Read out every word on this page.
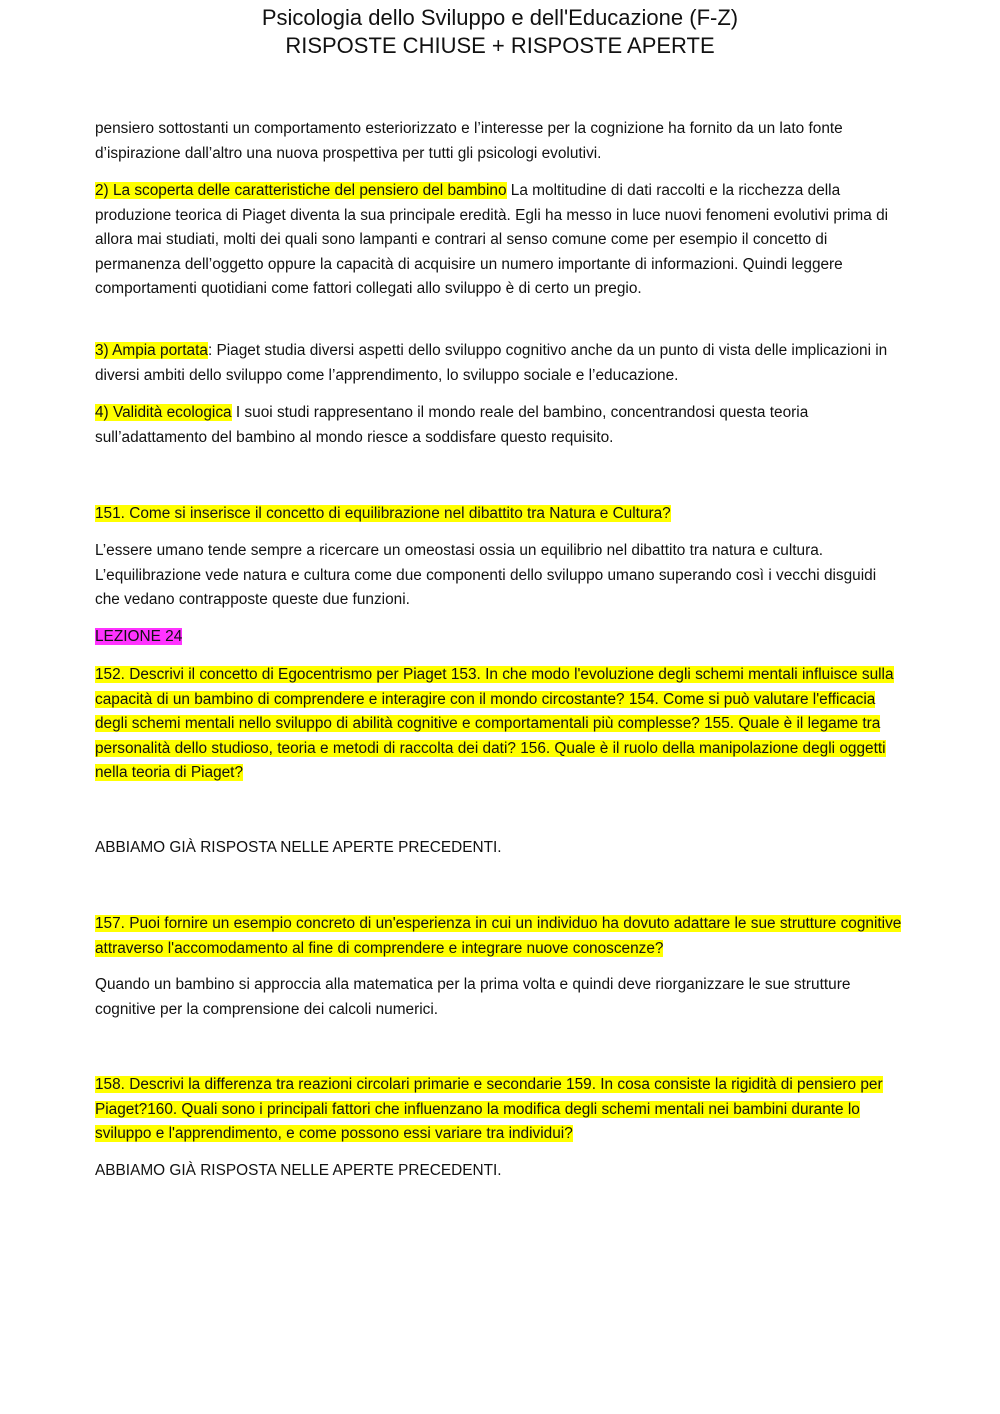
Psicologia dello Sviluppo e dell'Educazione (F-Z)
RISPOSTE CHIUSE + RISPOSTE APERTE

pensiero sottostanti un comportamento esteriorizzato e l’interesse per la cognizione ha fornito da un lato fonte d’ispirazione dall’altro una nuova prospettiva per tutti gli psicologi evolutivi.

2) La scoperta delle caratteristiche del pensiero del bambino La moltitudine di dati raccolti e la ricchezza della produzione teorica di Piaget diventa la sua principale eredità. Egli ha messo in luce nuovi fenomeni evolutivi prima di allora mai studiati, molti dei quali sono lampanti e contrari al senso comune come per esempio il concetto di permanenza dell’oggetto oppure la capacità di acquisire un numero importante di informazioni. Quindi leggere comportamenti quotidiani come fattori collegati allo sviluppo è di certo un pregio.

3) Ampia portata: Piaget studia diversi aspetti dello sviluppo cognitivo anche da un punto di vista delle implicazioni in diversi ambiti dello sviluppo come l’apprendimento, lo sviluppo sociale e l’educazione.

4) Validità ecologica I suoi studi rappresentano il mondo reale del bambino, concentrandosi questa teoria sull’adattamento del bambino al mondo riesce a soddisfare questo requisito.

151. Come si inserisce il concetto di equilibrazione nel dibattito tra Natura e Cultura?

L’essere umano tende sempre a ricercare un omeostasi ossia un equilibrio nel dibattito tra natura e cultura. L’equilibrazione vede natura e cultura come due componenti dello sviluppo umano superando così i vecchi disguidi che vedano contrapposte queste due funzioni.

LEZIONE 24

152. Descrivi il concetto di Egocentrismo per Piaget 153. In che modo l'evoluzione degli schemi mentali influisce sulla capacità di un bambino di comprendere e interagire con il mondo circostante? 154. Come si può valutare l'efficacia degli schemi mentali nello sviluppo di abilità cognitive e comportamentali più complesse? 155. Quale è il legame tra personalità dello studioso, teoria e metodi di raccolta dei dati? 156. Quale è il ruolo della manipolazione degli oggetti nella teoria di Piaget?

ABBIAMO GIÀ RISPOSTA NELLE APERTE PRECEDENTI.

157. Puoi fornire un esempio concreto di un'esperienza in cui un individuo ha dovuto adattare le sue strutture cognitive attraverso l'accomodamento al fine di comprendere e integrare nuove conoscenze?

Quando un bambino si approccia alla matematica per la prima volta e quindi deve riorganizzare le sue strutture cognitive per la comprensione dei calcoli numerici.

158. Descrivi la differenza tra reazioni circolari primarie e secondarie 159. In cosa consiste la rigidità di pensiero per Piaget?160. Quali sono i principali fattori che influenzano la modifica degli schemi mentali nei bambini durante lo sviluppo e l'apprendimento, e come possono essi variare tra individui?

ABBIAMO GIÀ RISPOSTA NELLE APERTE PRECEDENTI.
